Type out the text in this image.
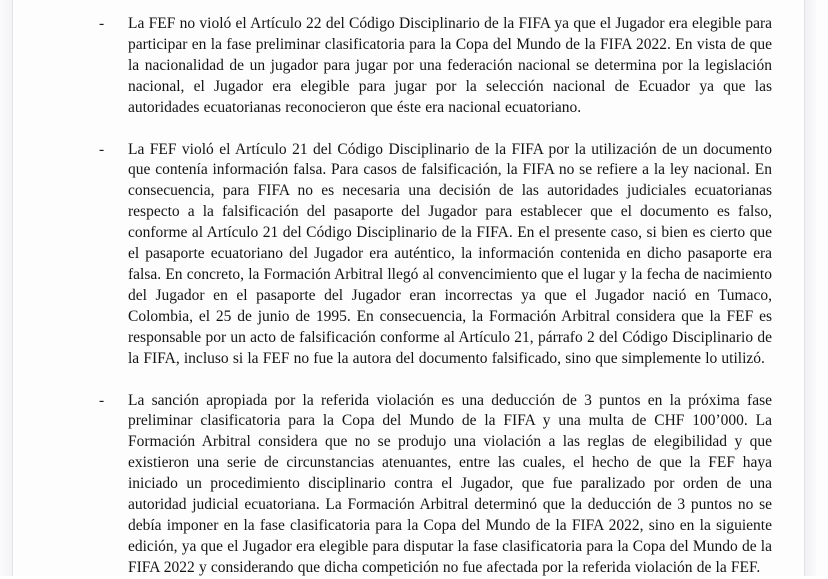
-	La FEF no violó el Artículo 22 del Código Disciplinario de la FIFA ya que el Jugador era elegible para participar en la fase preliminar clasificatoria para la Copa del Mundo de la FIFA 2022. En vista de que la nacionalidad de un jugador para jugar por una federación nacional se determina por la legislación nacional, el Jugador era elegible para jugar por la selección nacional de Ecuador ya que las autoridades ecuatorianas reconocieron que éste era nacional ecuatoriano.
-	La FEF violó el Artículo 21 del Código Disciplinario de la FIFA por la utilización de un documento que contenía información falsa. Para casos de falsificación, la FIFA no se refiere a la ley nacional. En consecuencia, para FIFA no es necesaria una decisión de las autoridades judiciales ecuatorianas respecto a la falsificación del pasaporte del Jugador para establecer que el documento es falso, conforme al Artículo 21 del Código Disciplinario de la FIFA. En el presente caso, si bien es cierto que el pasaporte ecuatoriano del Jugador era auténtico, la información contenida en dicho pasaporte era falsa. En concreto, la Formación Arbitral llegó al convencimiento que el lugar y la fecha de nacimiento del Jugador en el pasaporte del Jugador eran incorrectas ya que el Jugador nació en Tumaco, Colombia, el 25 de junio de 1995. En consecuencia, la Formación Arbitral considera que la FEF es responsable por un acto de falsificación conforme al Artículo 21, párrafo 2 del Código Disciplinario de la FIFA, incluso si la FEF no fue la autora del documento falsificado, sino que simplemente lo utilizó.
-	La sanción apropiada por la referida violación es una deducción de 3 puntos en la próxima fase preliminar clasificatoria para la Copa del Mundo de la FIFA y una multa de CHF 100’000. La Formación Arbitral considera que no se produjo una violación a las reglas de elegibilidad y que existieron una serie de circunstancias atenuantes, entre las cuales, el hecho de que la FEF haya iniciado un procedimiento disciplinario contra el Jugador, que fue paralizado por orden de una autoridad judicial ecuatoriana. La Formación Arbitral determinó que la deducción de 3 puntos no se debía imponer en la fase clasificatoria para la Copa del Mundo de la FIFA 2022, sino en la siguiente edición, ya que el Jugador era elegible para disputar la fase clasificatoria para la Copa del Mundo de la FIFA 2022 y considerando que dicha competición no fue afectada por la referida violación de la FEF.
